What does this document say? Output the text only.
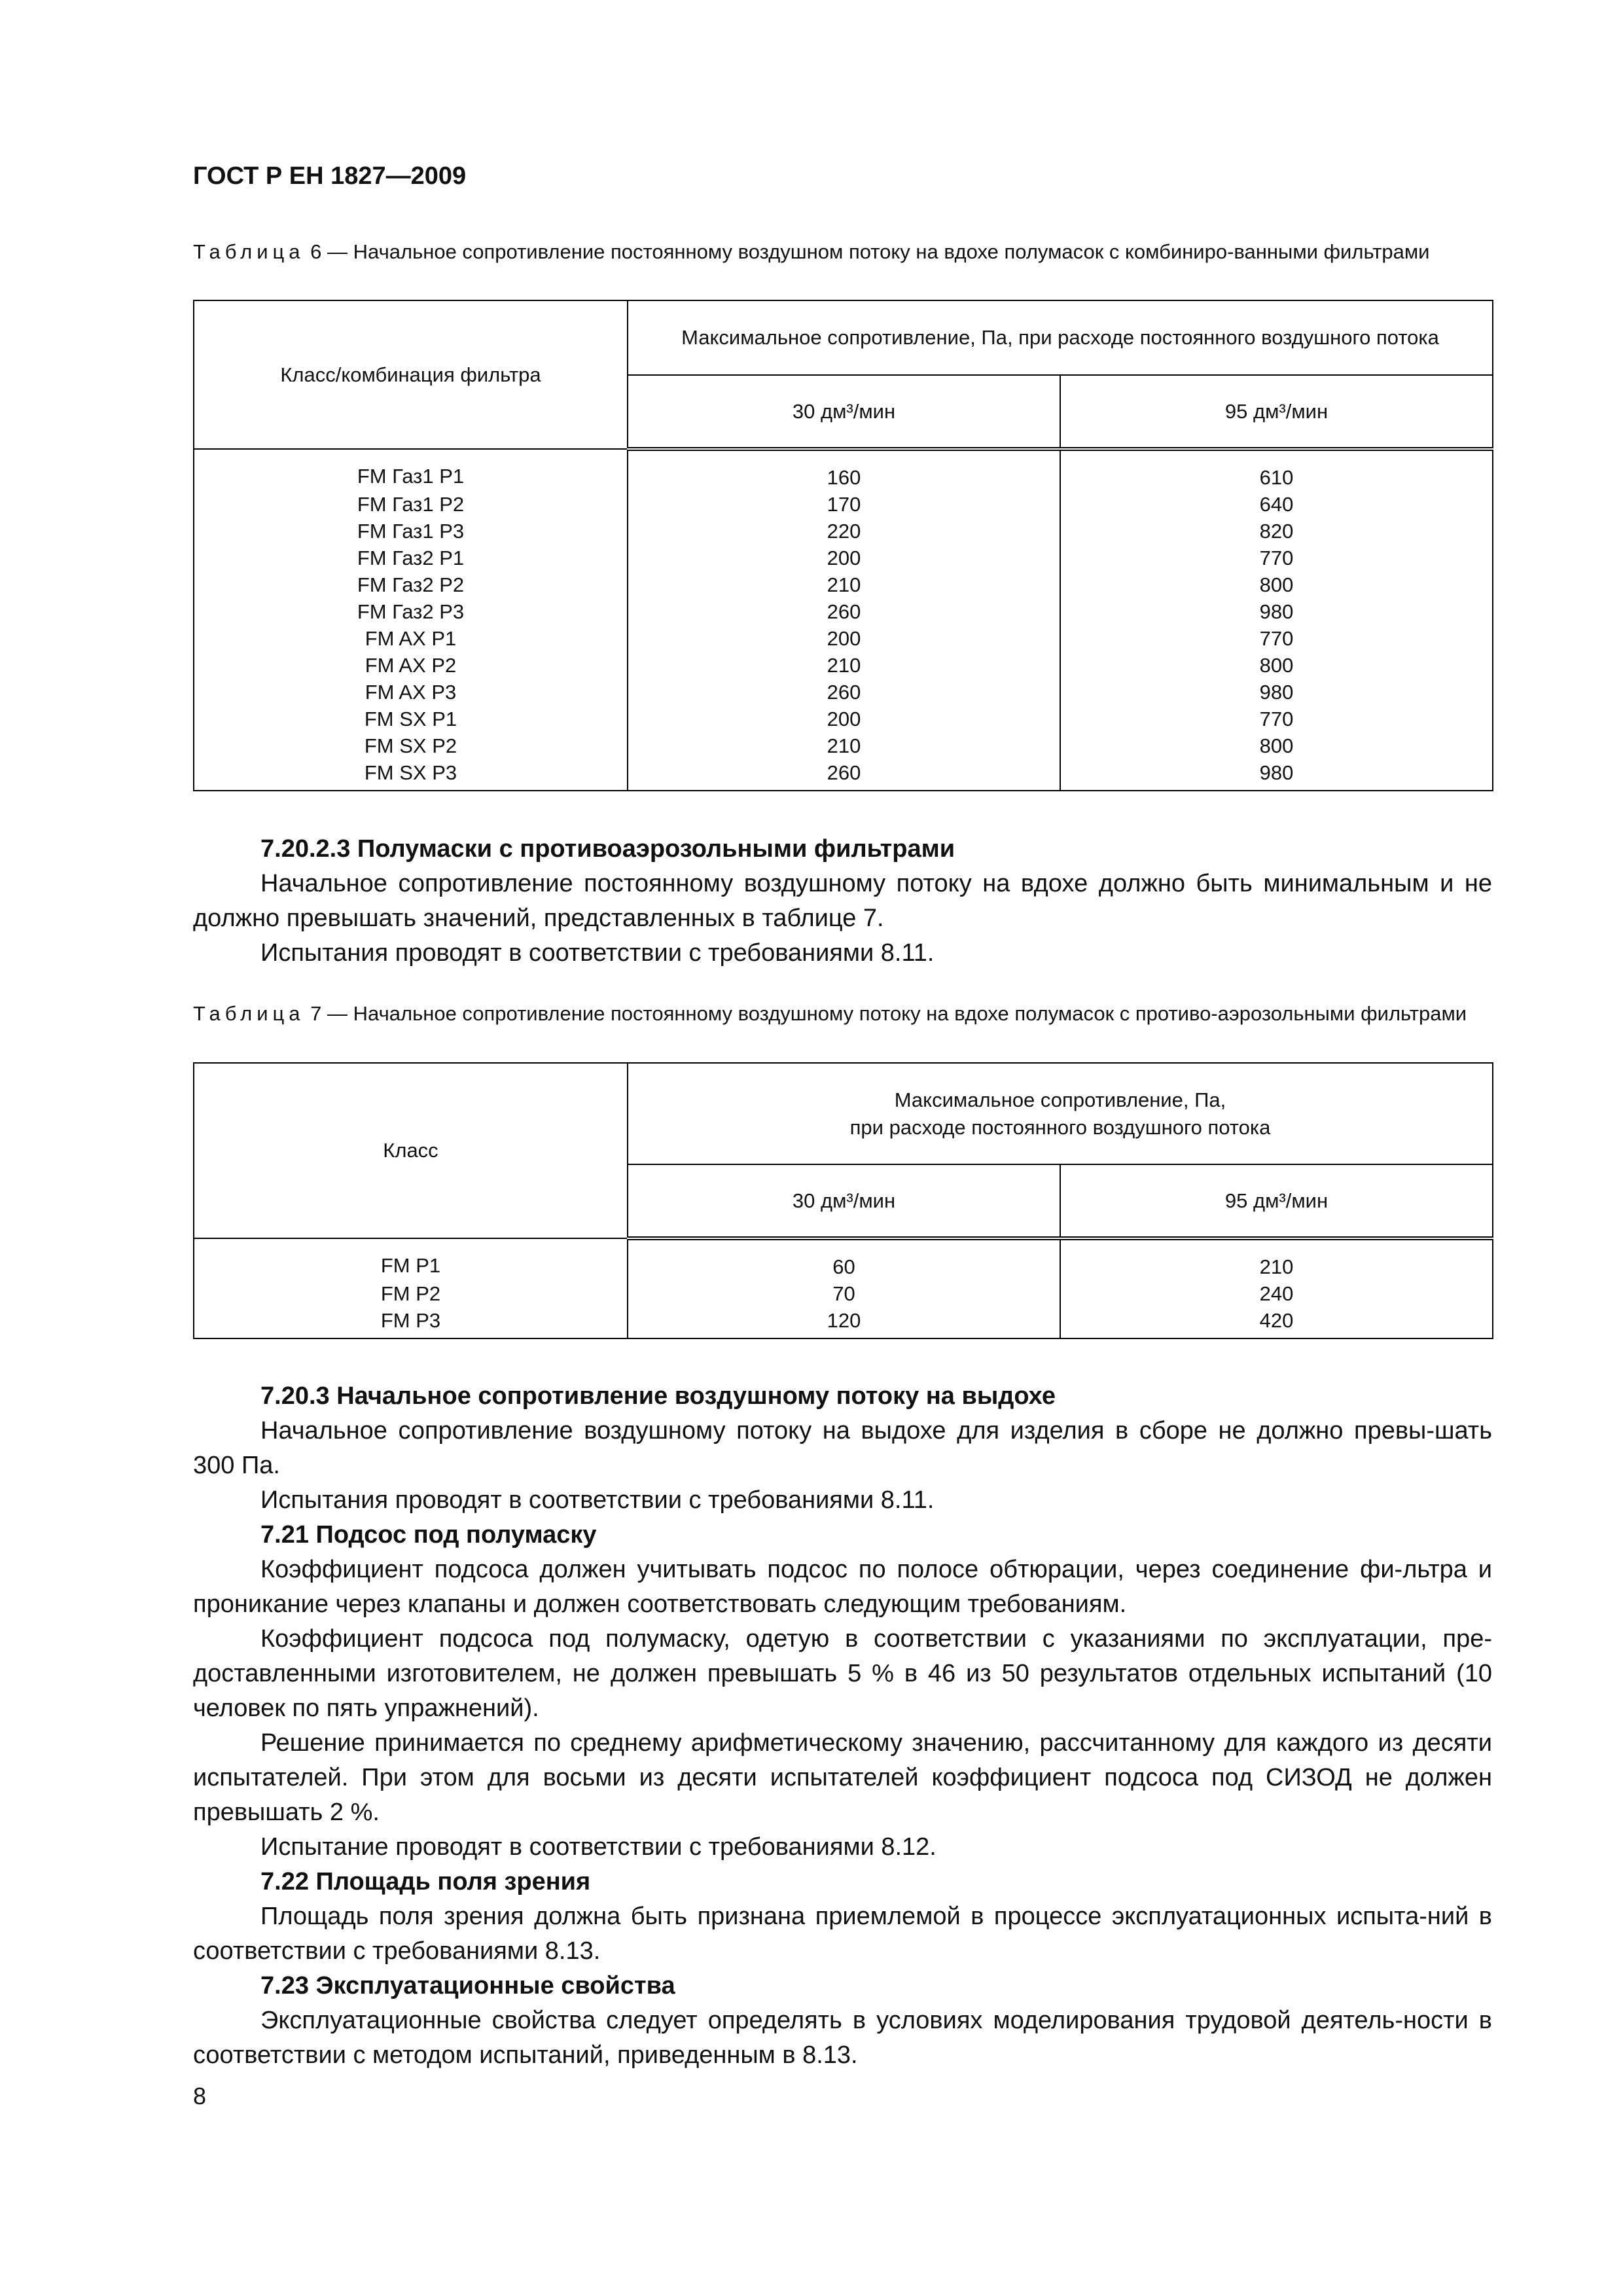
ГОСТ Р ЕН 1827—2009

Таблица 6 — Начальное сопротивление постоянному воздушном потоку на вдохе полумасок с комбиниро-ванными фильтрами

Класс/комбинация фильтра	Максимальное сопротивление, Па, при расходе постоянного воздушного потока	
	30 дм³/мин	95 дм³/мин
FM Газ1 P1	160	610
FM Газ1 P2	170	640
FM Газ1 P3	220	820
FM Газ2 P1	200	770
FM Газ2 P2	210	800
FM Газ2 P3	260	980
FM AX P1	200	770
FM AX P2	210	800
FM AX P3	260	980
FM SX P1	200	770
FM SX P2	210	800
FM SX P3	260	980

7.20.2.3 Полумаски с противоаэрозольными фильтрами

Начальное сопротивление постоянному воздушному потоку на вдохе должно быть минимальным и не должно превышать значений, представленных в таблице 7.

Испытания проводят в соответствии с требованиями 8.11.

Таблица 7 — Начальное сопротивление постоянному воздушному потоку на вдохе полумасок с противо-аэрозольными фильтрами

Класс	Максимальное сопротивление, Па,
при расходе постоянного воздушного потока	
	30 дм³/мин	95 дм³/мин
FM P1	60	210
FM P2	70	240
FM P3	120	420

7.20.3 Начальное сопротивление воздушному потоку на выдохе

Начальное сопротивление воздушному потоку на выдохе для изделия в сборе не должно превы-шать 300 Па.

Испытания проводят в соответствии с требованиями 8.11.

7.21 Подсос под полумаску

Коэффициент подсоса должен учитывать подсос по полосе обтюрации, через соединение фи-льтра и проникание через клапаны и должен соответствовать следующим требованиям.

Коэффициент подсоса под полумаску, одетую в соответствии с указаниями по эксплуатации, пре-доставленными изготовителем, не должен превышать 5 % в 46 из 50 результатов отдельных испытаний (10 человек по пять упражнений).

Решение принимается по среднему арифметическому значению, рассчитанному для каждого из десяти испытателей. При этом для восьми из десяти испытателей коэффициент подсоса под СИЗОД не должен превышать 2 %.

Испытание проводят в соответствии с требованиями 8.12.

7.22 Площадь поля зрения

Площадь поля зрения должна быть признана приемлемой в процессе эксплуатационных испыта-ний в соответствии с требованиями 8.13.

7.23 Эксплуатационные свойства

Эксплуатационные свойства следует определять в условиях моделирования трудовой деятель-ности в соответствии с методом испытаний, приведенным в 8.13.

8
